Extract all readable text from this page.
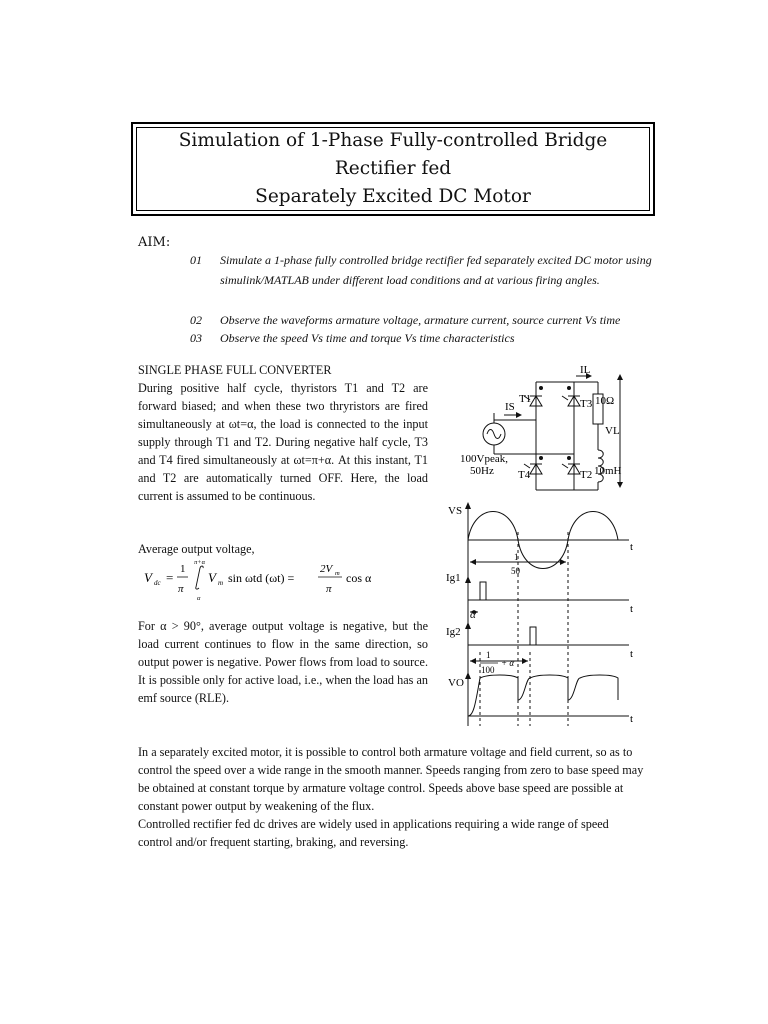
Simulation of 1-Phase Fully-controlled Bridge Rectifier fed
Separately Excited DC Motor
AIM:
01 Simulate a 1-phase fully controlled bridge rectifier fed separately excited DC motor using simulink/MATLAB under different load conditions and at various firing angles.
02 Observe the waveforms armature voltage, armature current, source current Vs time
03 Observe the speed Vs time and torque Vs time characteristics
SINGLE PHASE FULL CONVERTER
During positive half cycle, thyristors T1 and T2 are forward biased; and when these two thryristors are fired simultaneously at ωt=α, the load is connected to the input supply through T1 and T2. During negative half cycle, T3 and T4 fired simultaneously at ωt=π+α. At this instant, T1 and T2 are automatically turned OFF. Here, the load current is assumed to be continuous.
Average output voltage,
V dc =
1
π
π+α
α
V m sin ωtd (ωt) =
2V m
π
cos α
For α > 90°, average output voltage is negative, but the load current continues to flow in the same direction, so output power is negative. Power flows from load to source. It is possible only for active load, i.e., when the load has an emf source (RLE).
T1	T3
T4	T2
IS
IL
10Ω
10mH
VL
100Vpeak,
50Hz
VS
Ig1
Ig2
VO
t
t
t
t
α
1
50
1
100
+ α
In a separately excited motor, it is possible to control both armature voltage and field current, so as to control the speed over a wide range in the smooth manner. Speeds ranging from zero to base speed may be obtained at constant torque by armature voltage control. Speeds above base speed are possible at constant power output by weakening of the flux.
Controlled rectifier fed dc drives are widely used in applications requiring a wide range of speed control and/or frequent starting, braking, and reversing.
